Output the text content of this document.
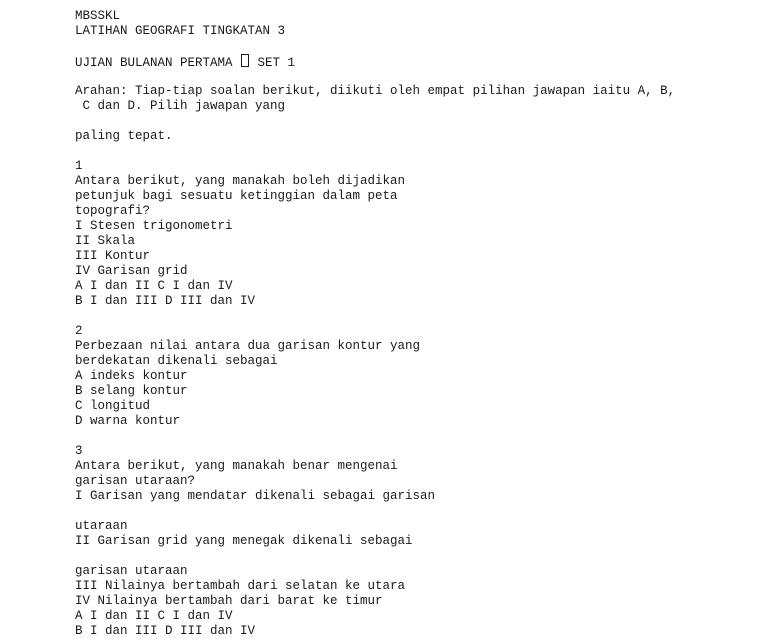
MBSSKL
LATIHAN GEOGRAFI TINGKATAN 3
UJIAN BULANAN PERTAMA  SET 1
Arahan: Tiap-tiap soalan berikut, diikuti oleh empat pilihan jawapan iaitu A, B,
C dan D. Pilih jawapan yang
paling tepat.
1
Antara berikut, yang manakah boleh dijadikan
petunjuk bagi sesuatu ketinggian dalam peta
topografi?
I Stesen trigonometri
II Skala
III Kontur
IV Garisan grid
A I dan II C I dan IV
B I dan III D III dan IV
2
Perbezaan nilai antara dua garisan kontur yang
berdekatan dikenali sebagai
A indeks kontur
B selang kontur
C longitud
D warna kontur
3
Antara berikut, yang manakah benar mengenai
garisan utaraan?
I Garisan yang mendatar dikenali sebagai garisan
utaraan
II Garisan grid yang menegak dikenali sebagai
garisan utaraan
III Nilainya bertambah dari selatan ke utara
IV Nilainya bertambah dari barat ke timur
A I dan II C I dan IV
B I dan III D III dan IV
